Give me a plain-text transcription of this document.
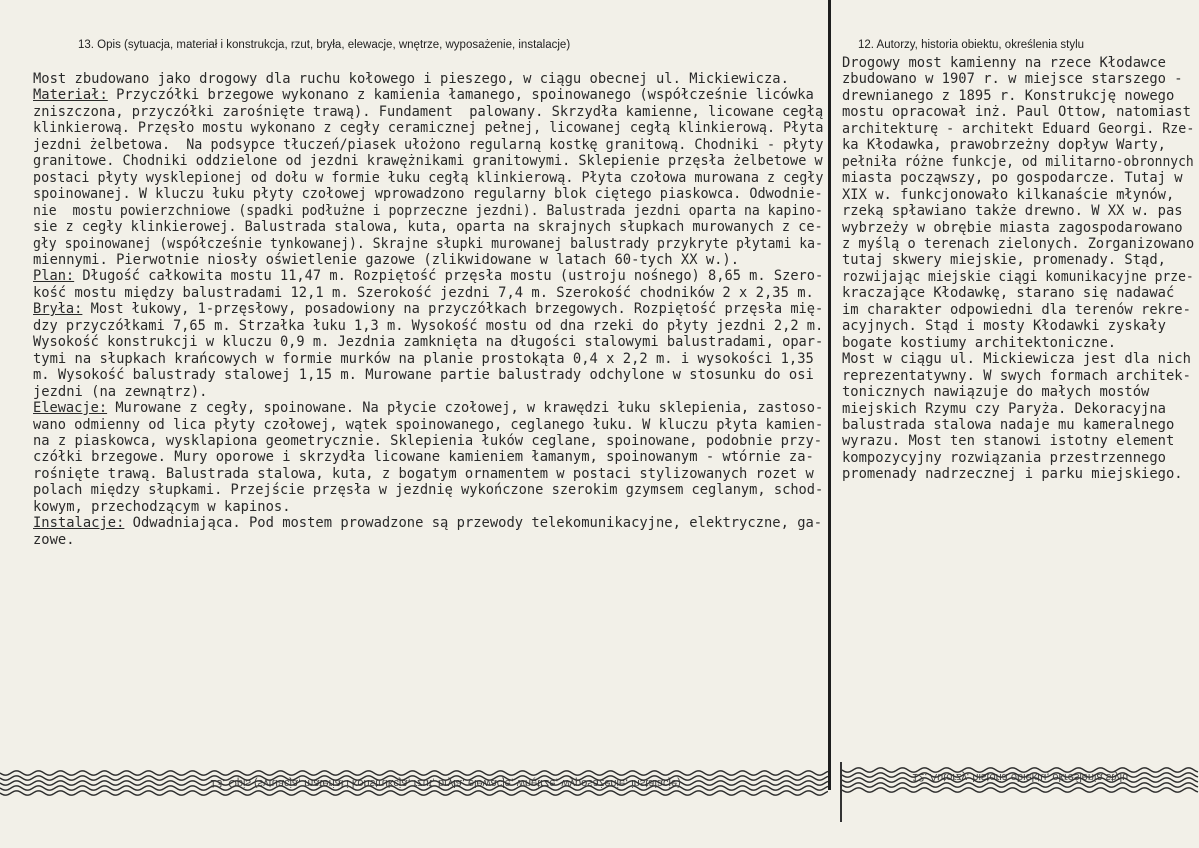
13. Opis (sytuacja, materiał i konstrukcja, rzut, bryła, elewacje, wnętrze, wyposażenie, instalacje)	12. Autorzy, historia obiektu, określenia stylu
Most zbudowano jako drogowy dla ruchu kołowego i pieszego, w ciągu obecnej ul. Mickiewicza.
Materiał: Przyczółki brzegowe wykonano z kamienia łamanego, spoinowanego (współcześnie licówka
zniszczona, przyczółki zarośnięte trawą). Fundament  palowany. Skrzydła kamienne, licowane cegłą
klinkierową. Przęsło mostu wykonano z cegły ceramicznej pełnej, licowanej cegłą klinkierową. Płyta
jezdni żelbetowa.  Na podsypce tłuczeń/piasek ułożono regularną kostkę granitową. Chodniki - płyty
granitowe. Chodniki oddzielone od jezdni krawężnikami granitowymi. Sklepienie przęsła żelbetowe w
postaci płyty wysklepionej od dołu w formie łuku cegłą klinkierową. Płyta czołowa murowana z cegły
spoinowanej. W kluczu łuku płyty czołowej wprowadzono regularny blok ciętego piaskowca. Odwodnie-
nie  mostu powierzchniowe (spadki podłużne i poprzeczne jezdni). Balustrada jezdni oparta na kapino-
sie z cegły klinkierowej. Balustrada stalowa, kuta, oparta na skrajnych słupkach murowanych z ce-
gły spoinowanej (współcześnie tynkowanej). Skrajne słupki murowanej balustrady przykryte płytami ka-
miennymi. Pierwotnie niosły oświetlenie gazowe (zlikwidowane w latach 60-tych XX w.).
Plan: Długość całkowita mostu 11,47 m. Rozpiętość przęsła mostu (ustroju nośnego) 8,65 m. Szero-
kość mostu między balustradami 12,1 m. Szerokość jezdni 7,4 m. Szerokość chodników 2 x 2,35 m.
Bryła: Most łukowy, 1-przęsłowy, posadowiony na przyczółkach brzegowych. Rozpiętość przęsła mię-
dzy przyczółkami 7,65 m. Strzałka łuku 1,3 m. Wysokość mostu od dna rzeki do płyty jezdni 2,2 m.
Wysokość konstrukcji w kluczu 0,9 m. Jezdnia zamknięta na długości stalowymi balustradami, opar-
tymi na słupkach krańcowych w formie murków na planie prostokąta 0,4 x 2,2 m. i wysokości 1,35
m. Wysokość balustrady stalowej 1,15 m. Murowane partie balustrady odchylone w stosunku do osi
jezdni (na zewnątrz).
Elewacje: Murowane z cegły, spoinowane. Na płycie czołowej, w krawędzi łuku sklepienia, zastoso-
wano odmienny od lica płyty czołowej, wątek spoinowanego, ceglanego łuku. W kluczu płyta kamien-
na z piaskowca, wysklapiona geometrycznie. Sklepienia łuków ceglane, spoinowane, podobnie przy-
czółki brzegowe. Mury oporowe i skrzydła licowane kamieniem łamanym, spoinowanym - wtórnie za-
rośnięte trawą. Balustrada stalowa, kuta, z bogatym ornamentem w postaci stylizowanych rozet w
polach między słupkami. Przejście przęsła w jezdnię wykończone szerokim gzymsem ceglanym, schod-
kowym, przechodzącym w kapinos.
Instalacje: Odwadniająca. Pod mostem prowadzone są przewody telekomunikacyjne, elektryczne, ga-
zowe.
Drogowy most kamienny na rzece Kłodawce
zbudowano w 1907 r. w miejsce starszego -
drewnianego z 1895 r. Konstrukcję nowego
mostu opracował inż. Paul Ottow, natomiast
architekturę - architekt Eduard Georgi. Rze-
ka Kłodawka, prawobrzeżny dopływ Warty,
pełniła różne funkcje, od militarno-obronnych
miasta począwszy, po gospodarcze. Tutaj w
XIX w. funkcjonowało kilkanaście młynów,
rzeką spławiano także drewno. W XX w. pas
wybrzeży w obrębie miasta zagospodarowano
z myślą o terenach zielonych. Zorganizowano
tutaj skwery miejskie, promenady. Stąd,
rozwijając miejskie ciągi komunikacyjne prze-
kraczające Kłodawkę, starano się nadawać
im charakter odpowiedni dla terenów rekre-
acyjnych. Stąd i mosty Kłodawki zyskały
bogate kostiumy architektoniczne.
Most w ciągu ul. Mickiewicza jest dla nich
reprezentatywny. W swych formach architek-
tonicznych nawiązuje do małych mostów
miejskich Rzymu czy Paryża. Dekoracyjna
balustrada stalowa nadaje mu kameralnego
wyrazu. Most ten stanowi istotny element
kompozycyjny rozwiązania przestrzennego
promenady nadrzecznej i parku miejskiego.
13. Opis (sytuacja, materiał i konstrukcja, rzut, bryła, elewacje, wnętrze, wyposażenie, instalacje)	12. Autorzy, historia obiektu, określenia stylu
